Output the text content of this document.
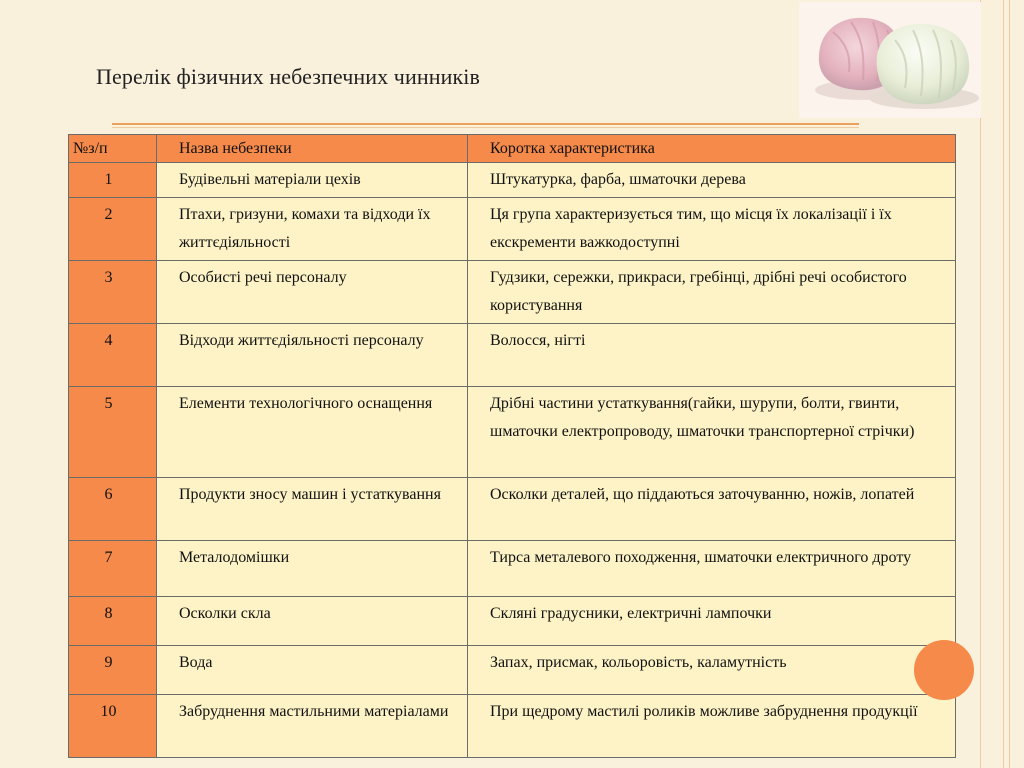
Перелік фізичних небезпечних чинників
№з/п	Назва небезпеки	Коротка характеристика
1	Будівельні матеріали цехів	Штукатурка, фарба, шматочки дерева
2	Птахи, гризуни, комахи та відходи їх життєдіяльності	Ця група характеризується тим, що місця їх локалізації і їх екскременти важкодоступні
3	Особисті речі персоналу	Гудзики, сережки, прикраси, гребінці, дрібні речі особистого користування
4	Відходи життєдіяльності персоналу	Волосся, нігті
5	Елементи технологічного оснащення	Дрібні частини устаткування(гайки, шурупи, болти, гвинти, шматочки електропроводу, шматочки транспортерної стрічки)
6	Продукти зносу машин і устаткування	Осколки деталей, що піддаються заточуванню, ножів, лопатей
7	Металодомішки	Тирса металевого походження, шматочки електричного дроту
8	Осколки скла	Скляні градусники, електричні лампочки
9	Вода	Запах, присмак, кольоровість, каламутність
10	Забруднення мастильними матеріалами	При щедрому мастилі роликів можливе забруднення продукції
